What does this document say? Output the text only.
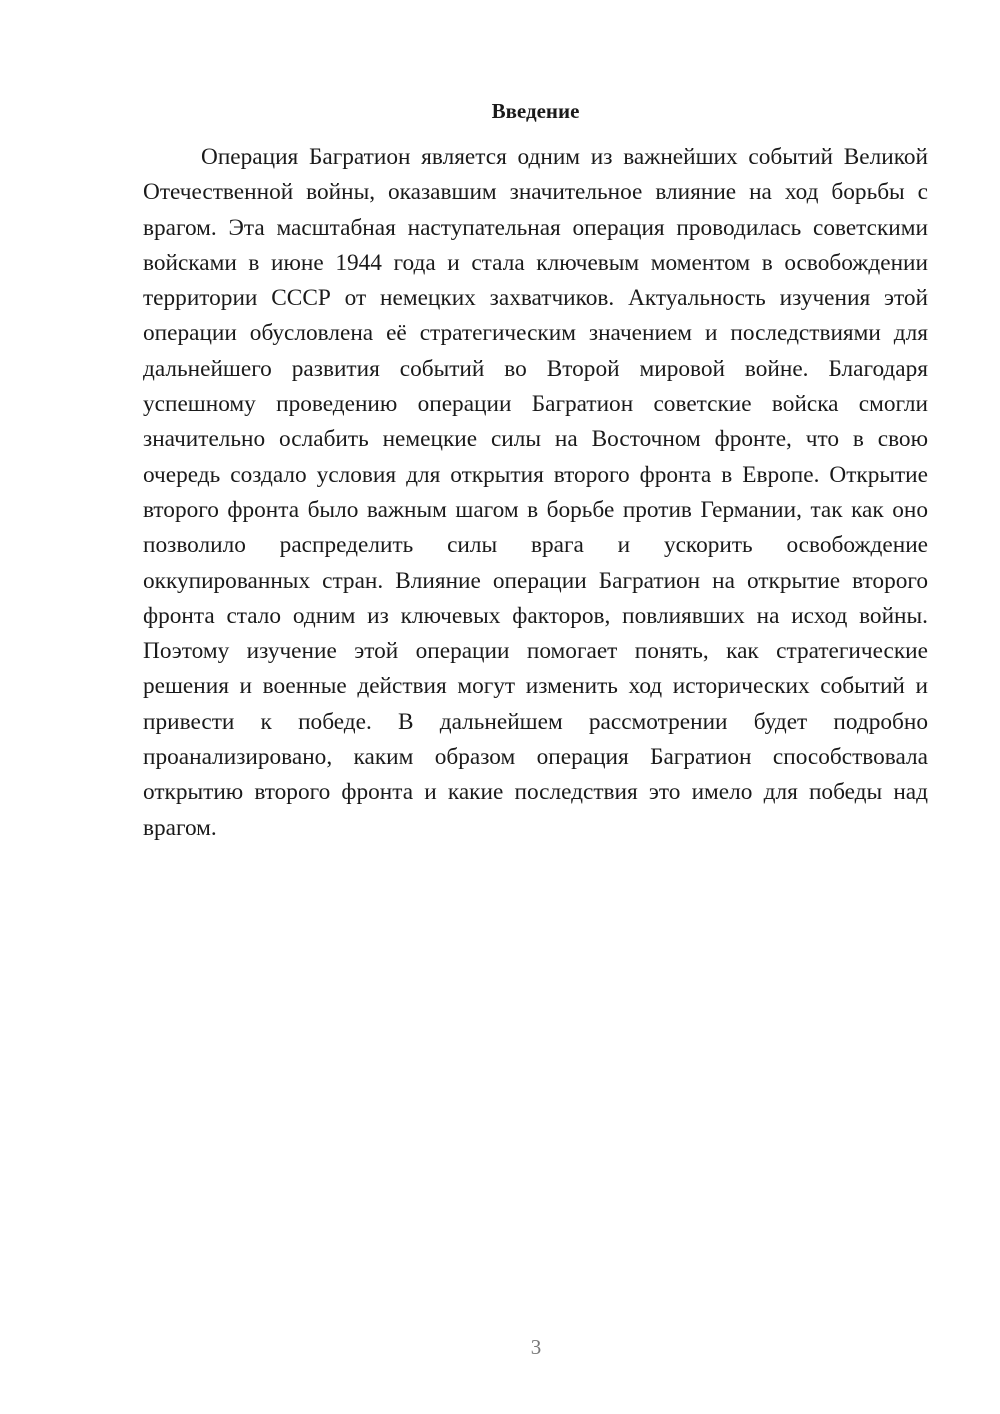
Введение

Операция Багратион является одним из важнейших событий Великой Отечественной войны, оказавшим значительное влияние на ход борьбы с врагом. Эта масштабная наступательная операция проводилась советскими войсками в июне 1944 года и стала ключевым моментом в освобождении территории СССР от немецких захватчиков. Актуальность изучения этой операции обусловлена её стратегическим значением и последствиями для дальнейшего развития событий во Второй мировой войне. Благодаря успешному проведению операции Багратион советские войска смогли значительно ослабить немецкие силы на Восточном фронте, что в свою очередь создало условия для открытия второго фронта в Европе. Открытие второго фронта было важным шагом в борьбе против Германии, так как оно позволило распределить силы врага и ускорить освобождение оккупированных стран. Влияние операции Багратион на открытие второго фронта стало одним из ключевых факторов, повлиявших на исход войны. Поэтому изучение этой операции помогает понять, как стратегические решения и военные действия могут изменить ход исторических событий и привести к победе. В дальнейшем рассмотрении будет подробно проанализировано, каким образом операция Багратион способствовала открытию второго фронта и какие последствия это имело для победы над врагом.

3
